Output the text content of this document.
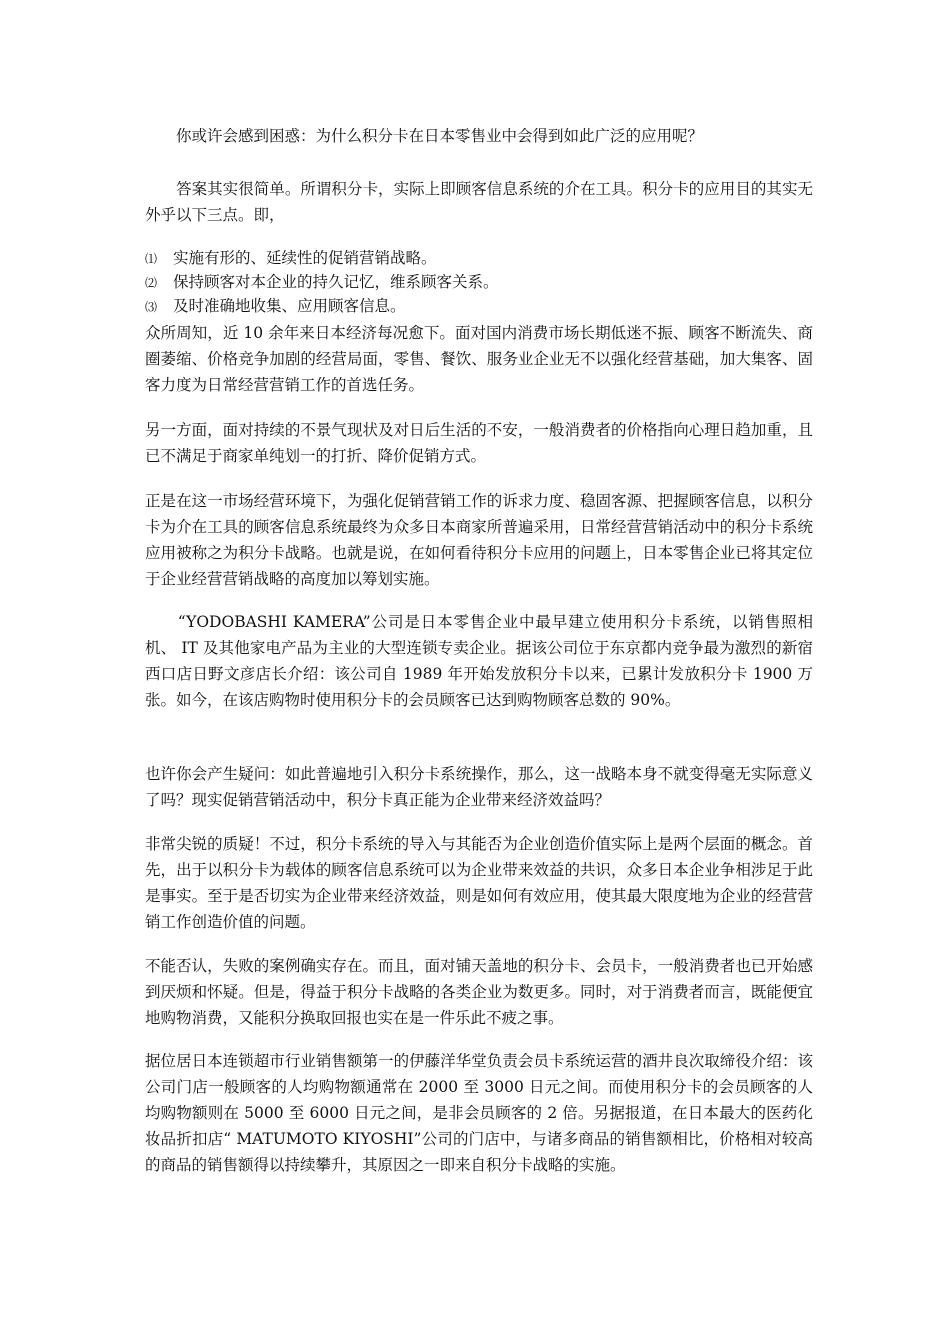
　　你或许会感到困惑：为什么积分卡在日本零售业中会得到如此广泛的应用呢？
　　答案其实很简单。所谓积分卡，实际上即顾客信息系统的介在工具。积分卡的应用目的其实无外乎以下三点。即，
⑴ 实施有形的、延续性的促销营销战略。
⑵ 保持顾客对本企业的持久记忆，维系顾客关系。
⑶ 及时准确地收集、应用顾客信息。
众所周知，近 10 余年来日本经济每况愈下。面对国内消费市场长期低迷不振、顾客不断流失、商圈萎缩、价格竞争加剧的经营局面，零售、餐饮、服务业企业无不以强化经营基础，加大集客、固客力度为日常经营营销工作的首选任务。
另一方面，面对持续的不景气现状及对日后生活的不安，一般消费者的价格指向心理日趋加重，且已不满足于商家单纯划一的打折、降价促销方式。
正是在这一市场经营环境下，为强化促销营销工作的诉求力度、稳固客源、把握顾客信息，以积分卡为介在工具的顾客信息系统最终为众多日本商家所普遍采用，日常经营营销活动中的积分卡系统应用被称之为积分卡战略。也就是说，在如何看待积分卡应用的问题上，日本零售企业已将其定位于企业经营营销战略的高度加以筹划实施。
　　“YODOBASHI KAMERA”公司是日本零售企业中最早建立使用积分卡系统，以销售照相机、 IT 及其他家电产品为主业的大型连锁专卖企业。据该公司位于东京都内竞争最为激烈的新宿西口店日野文彦店长介绍：该公司自 1989 年开始发放积分卡以来，已累计发放积分卡 1900 万张。如今，在该店购物时使用积分卡的会员顾客已达到购物顾客总数的 90%。
也许你会产生疑问：如此普遍地引入积分卡系统操作，那么，这一战略本身不就变得毫无实际意义了吗？现实促销营销活动中，积分卡真正能为企业带来经济效益吗？
非常尖锐的质疑！不过，积分卡系统的导入与其能否为企业创造价值实际上是两个层面的概念。首先，出于以积分卡为载体的顾客信息系统可以为企业带来效益的共识，众多日本企业争相涉足于此是事实。至于是否切实为企业带来经济效益，则是如何有效应用，使其最大限度地为企业的经营营销工作创造价值的问题。
不能否认，失败的案例确实存在。而且，面对铺天盖地的积分卡、会员卡，一般消费者也已开始感到厌烦和怀疑。但是，得益于积分卡战略的各类企业为数更多。同时，对于消费者而言，既能便宜地购物消费，又能积分换取回报也实在是一件乐此不疲之事。
据位居日本连锁超市行业销售额第一的伊藤洋华堂负责会员卡系统运营的酒井良次取缔役介绍：该公司门店一般顾客的人均购物额通常在 2000 至 3000 日元之间。而使用积分卡的会员顾客的人均购物额则在 5000 至 6000 日元之间，是非会员顾客的 2 倍。另据报道，在日本最大的医药化妆品折扣店“ MATUMOTO KIYOSHI”公司的门店中，与诸多商品的销售额相比，价格相对较高的商品的销售额得以持续攀升，其原因之一即来自积分卡战略的实施。
